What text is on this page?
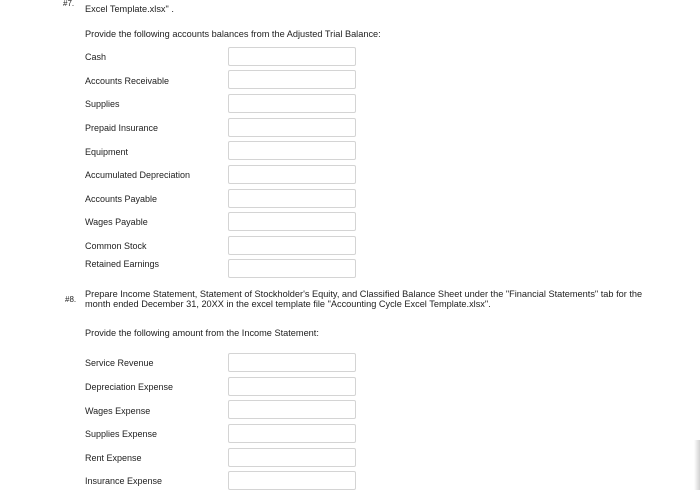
#7.
Excel Template.xlsx" .
Provide the following accounts balances from the Adjusted Trial Balance:
Cash
Accounts Receivable
Supplies
Prepaid Insurance
Equipment
Accumulated Depreciation
Accounts Payable
Wages Payable
Common Stock
Retained Earnings
#8.
Prepare Income Statement, Statement of Stockholder's Equity, and Classified Balance Sheet under the "Financial Statements" tab for the
month ended December 31, 20XX in the excel template file "Accounting Cycle Excel Template.xlsx".
Provide the following amount from the Income Statement:
Service Revenue
Depreciation Expense
Wages Expense
Supplies Expense
Rent Expense
Insurance Expense
